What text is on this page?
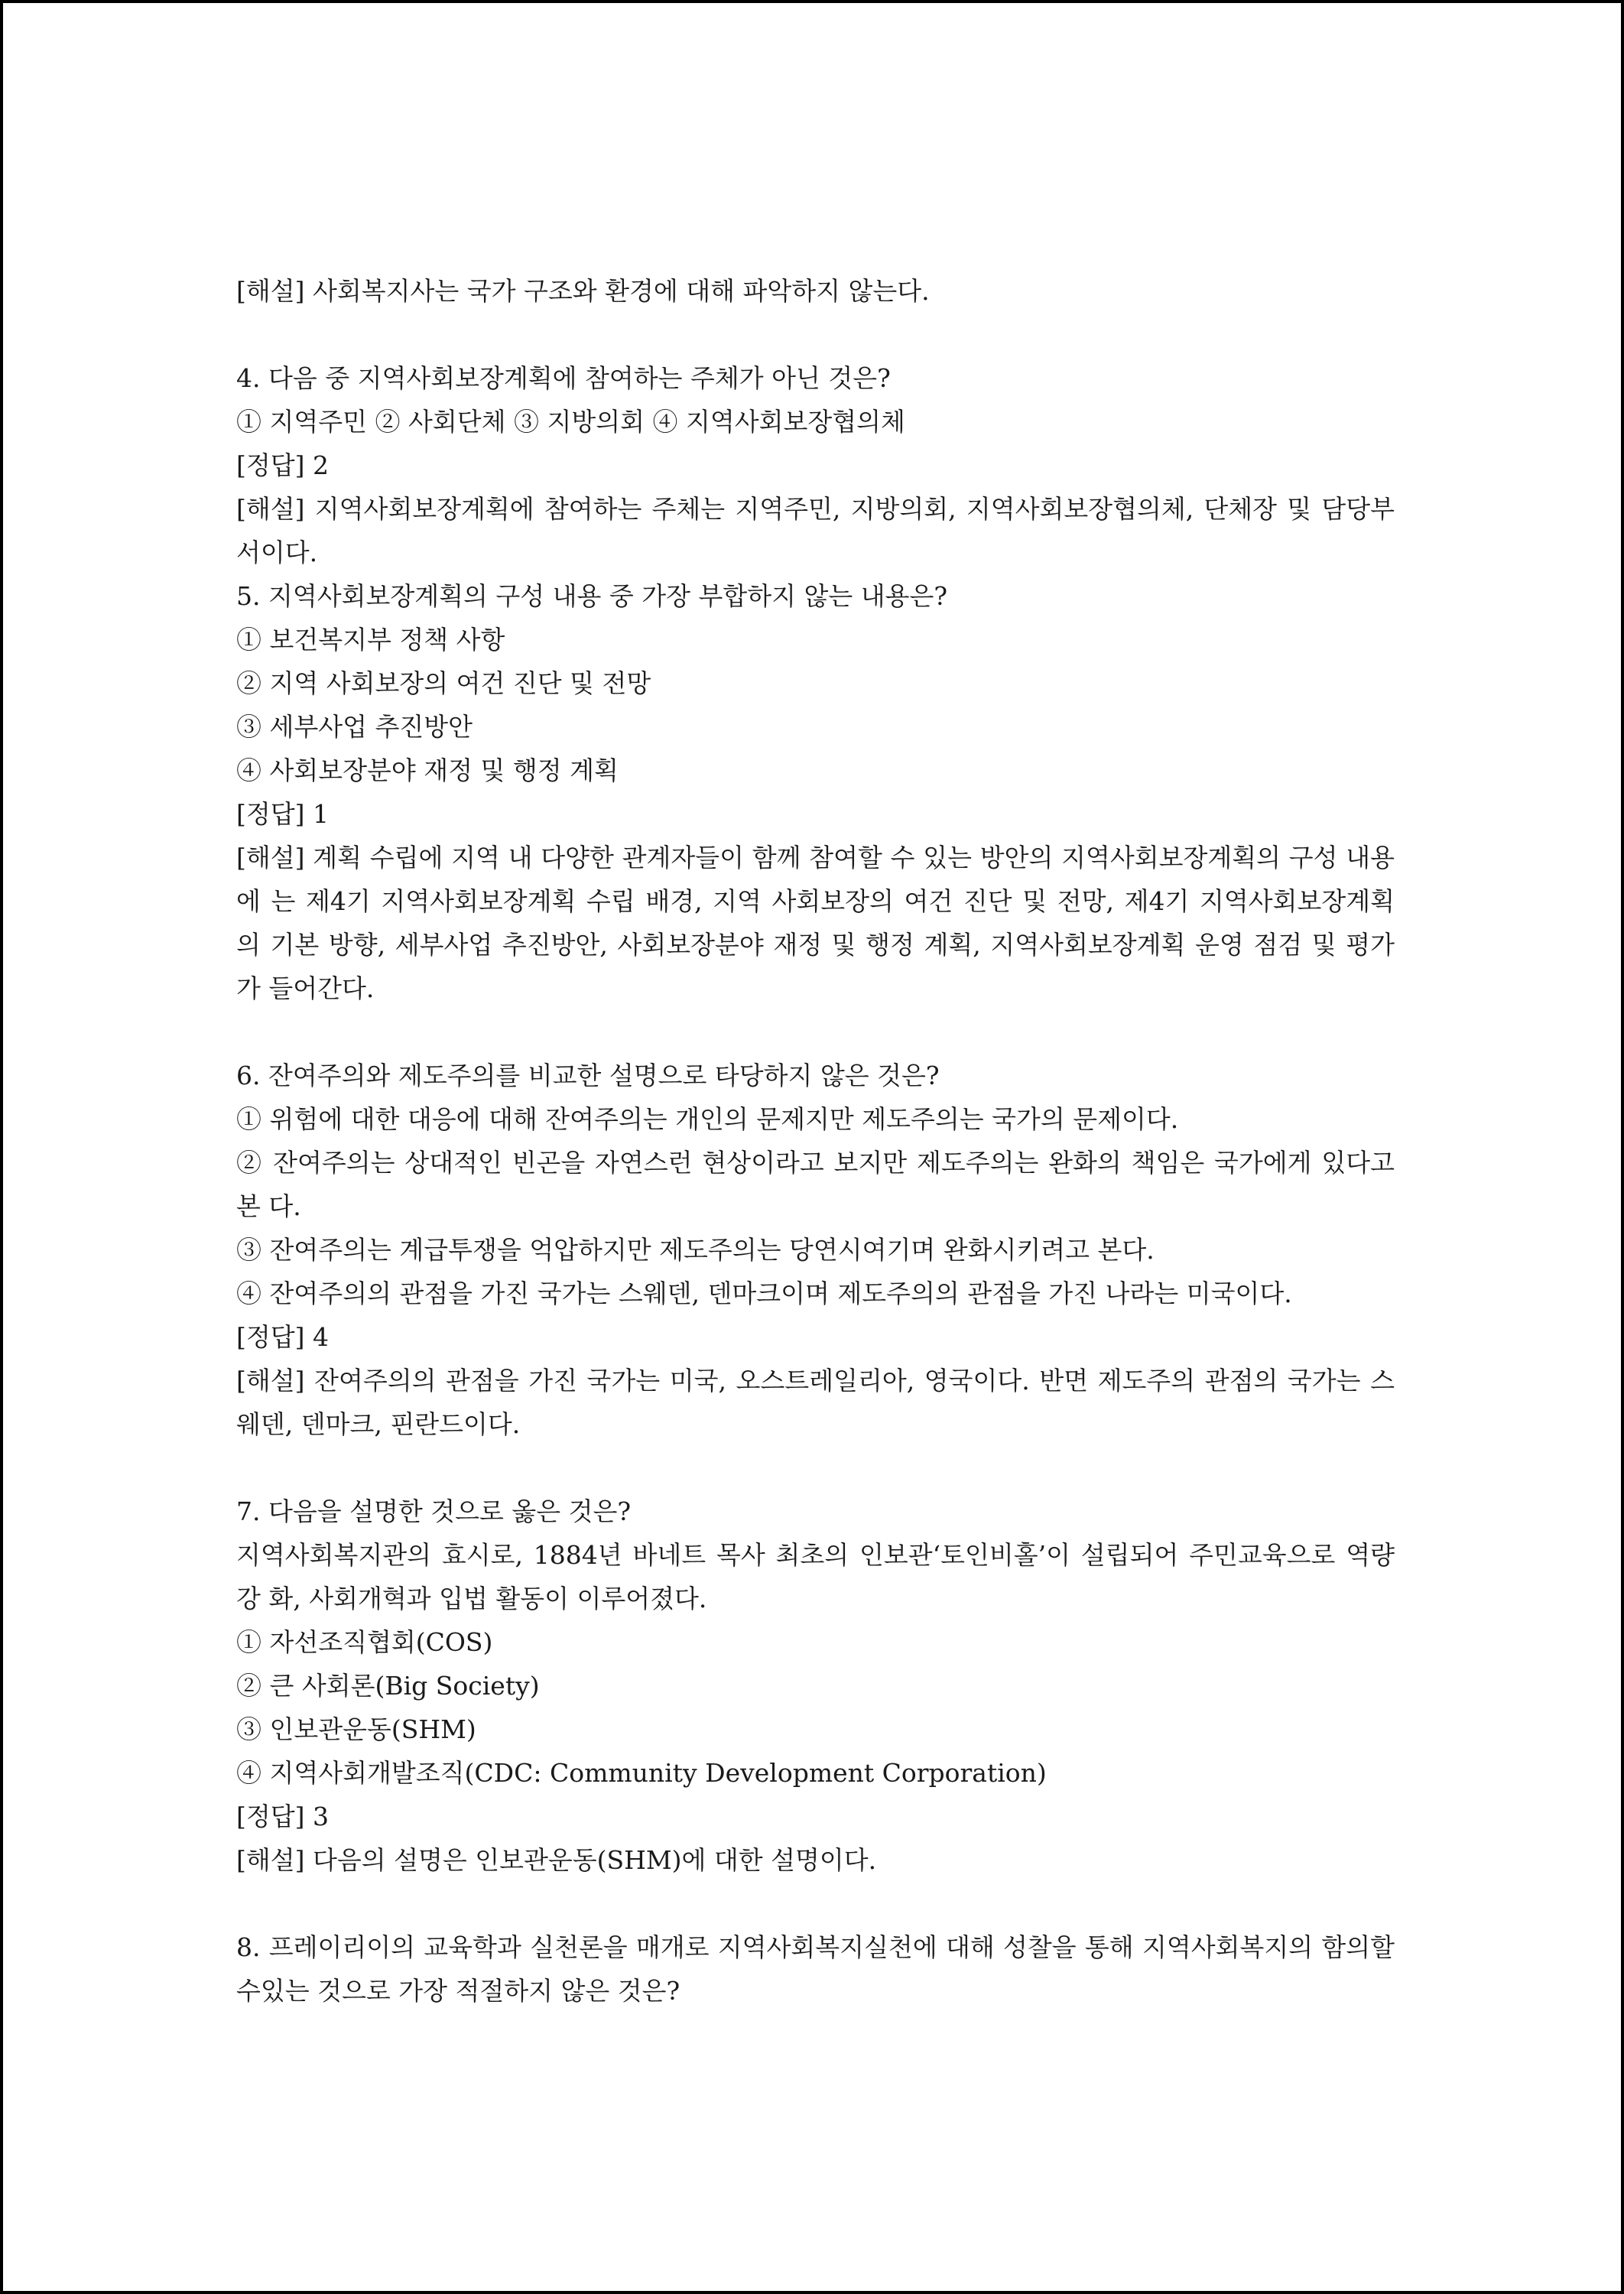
[해설] 사회복지사는 국가 구조와 환경에 대해 파악하지 않는다.
4. 다음 중 지역사회보장계획에 참여하는 주체가 아닌 것은?
① 지역주민 ② 사회단체 ③ 지방의회 ④ 지역사회보장협의체
[정답] 2
[해설] 지역사회보장계획에 참여하는 주체는 지역주민, 지방의회, 지역사회보장협의체, 단체장 및 담당부서이다.
5. 지역사회보장계획의 구성 내용 중 가장 부합하지 않는 내용은?
① 보건복지부 정책 사항
② 지역 사회보장의 여건 진단 및 전망
③ 세부사업 추진방안
④ 사회보장분야 재정 및 행정 계획
[정답] 1
[해설] 계획 수립에 지역 내 다양한 관계자들이 함께 참여할 수 있는 방안의 지역사회보장계획의 구성 내용에 는 제4기 지역사회보장계획 수립 배경, 지역 사회보장의 여건 진단 및 전망, 제4기 지역사회보장계획 의 기본 방향, 세부사업 추진방안, 사회보장분야 재정 및 행정 계획, 지역사회보장계획 운영 점검 및 평가가 들어간다.
6. 잔여주의와 제도주의를 비교한 설명으로 타당하지 않은 것은?
① 위험에 대한 대응에 대해 잔여주의는 개인의 문제지만 제도주의는 국가의 문제이다.
② 잔여주의는 상대적인 빈곤을 자연스런 현상이라고 보지만 제도주의는 완화의 책임은 국가에게 있다고 본 다.
③ 잔여주의는 계급투쟁을 억압하지만 제도주의는 당연시여기며 완화시키려고 본다.
④ 잔여주의의 관점을 가진 국가는 스웨덴, 덴마크이며 제도주의의 관점을 가진 나라는 미국이다.
[정답] 4
[해설] 잔여주의의 관점을 가진 국가는 미국, 오스트레일리아, 영국이다. 반면 제도주의 관점의 국가는 스웨덴, 덴마크, 핀란드이다.
7. 다음을 설명한 것으로 옳은 것은?
지역사회복지관의 효시로, 1884년 바네트 목사 최초의 인보관‘토인비홀’이 설립되어 주민교육으로 역량 강 화, 사회개혁과 입법 활동이 이루어졌다.
① 자선조직협회(COS)
② 큰 사회론(Big Society)
③ 인보관운동(SHM)
④ 지역사회개발조직(CDC: Community Development Corporation)
[정답] 3
[해설] 다음의 설명은 인보관운동(SHM)에 대한 설명이다.
8. 프레이리이의 교육학과 실천론을 매개로 지역사회복지실천에 대해 성찰을 통해 지역사회복지의 함의할 수있는 것으로 가장 적절하지 않은 것은?
